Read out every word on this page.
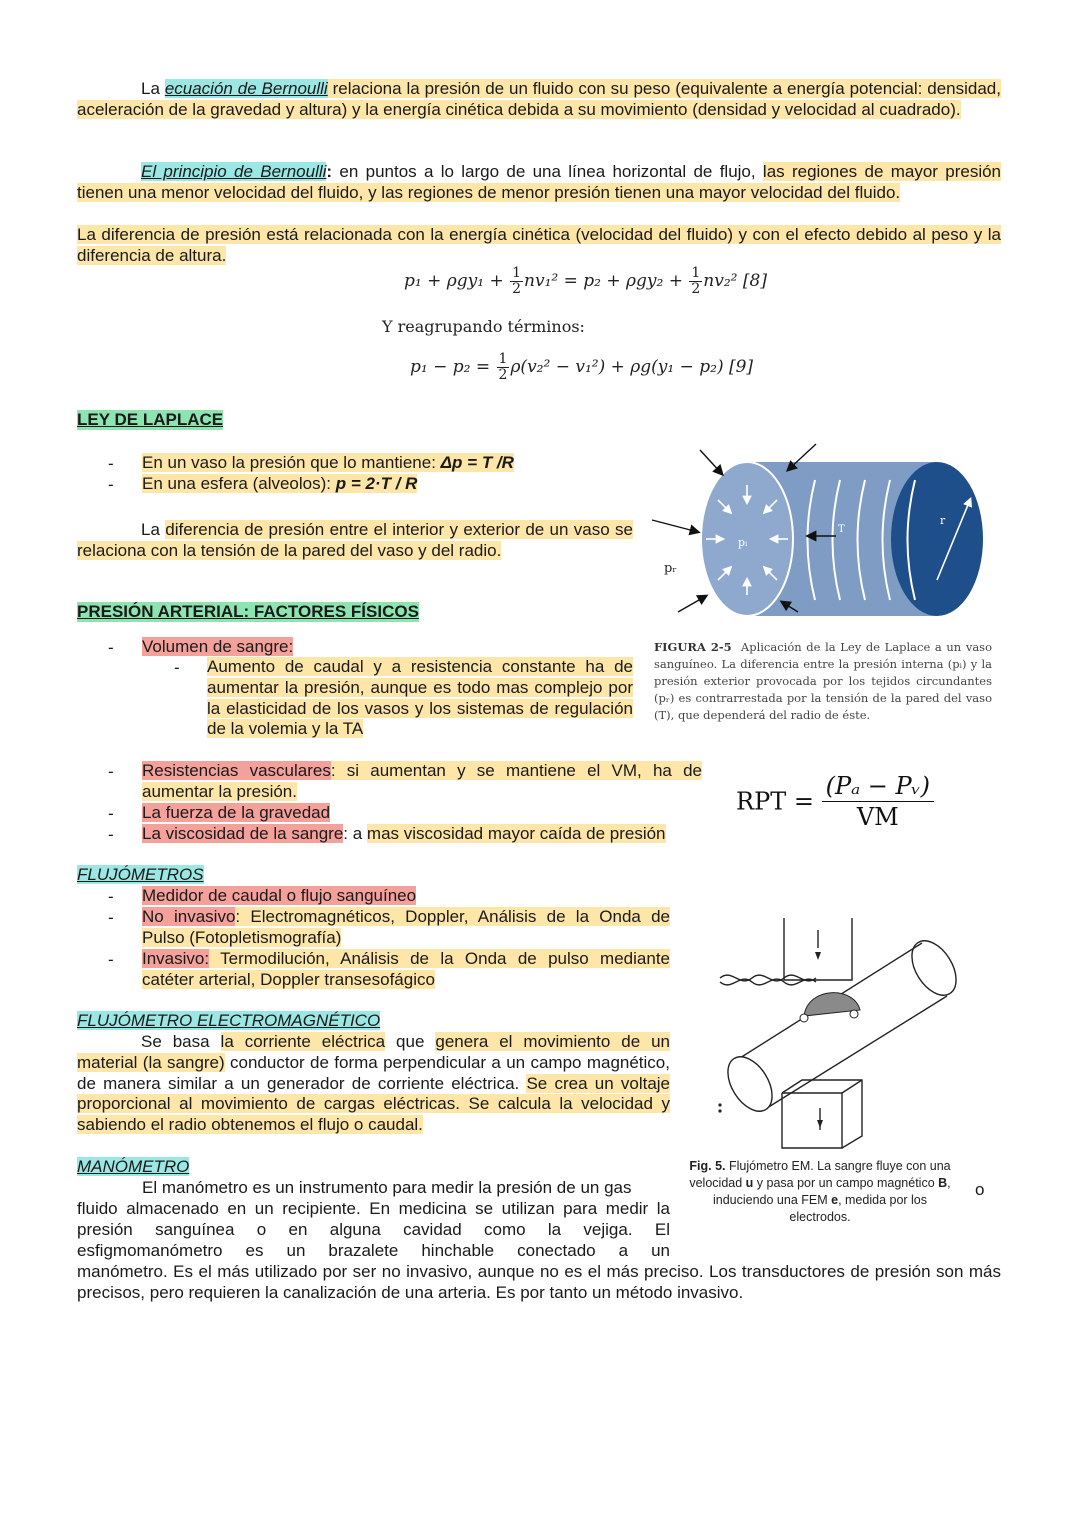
La ecuación de Bernoulli relaciona la presión de un fluido con su peso (equivalente a energía potencial: densidad, aceleración de la gravedad y altura) y la energía cinética debida a su movimiento (densidad y velocidad al cuadrado).
El principio de Bernoulli: en puntos a lo largo de una línea horizontal de flujo, las regiones de mayor presión tienen una menor velocidad del fluido, y las regiones de menor presión tienen una mayor velocidad del fluido.
La diferencia de presión está relacionada con la energía cinética (velocidad del fluido) y con el efecto debido al peso y la diferencia de altura.
$p_1 + \rho gy_1 + \frac{1}{2} nv_1^2 = p_2 + \rho gy_2 + \frac{1}{2} nv_2^2$ [8]
Y reagrupando términos:
$p_1 - p_2 = \frac{1}{2} \rho(v_2^2 - v_1^2) + \rho g(y_1 - p_2)$ [9]
LEY DE LAPLACE
- En un vaso la presión que lo mantiene: Δp = T /R
- En una esfera (alveolos): p = 2·T / R
La diferencia de presión entre el interior y exterior de un vaso se relaciona con la tensión de la pared del vaso y del radio.	pᵢ
pᵣ
T
r
FIGURA 2-5 Aplicación de la Ley de Laplace a un vaso sanguíneo. La diferencia entre la presión interna (pᵢ) y la presión exterior provocada por los tejidos circundantes (pᵣ) es contrarrestada por la tensión de la pared del vaso (T), que dependerá del radio de éste.
PRESIÓN ARTERIAL: FACTORES FÍSICOS
- Volumen de sangre:
- Aumento de caudal y a resistencia constante ha de aumentar la presión, aunque es todo mas complejo por la elasticidad de los vasos y los sistemas de regulación de la volemia y la TA
- Resistencias vasculares: si aumentan y se mantiene el VM, ha de aumentar la presión.
- La fuerza de la gravedad
- La viscosidad de la sangre: a mas viscosidad mayor caída de presión
RPT = $\frac{\text{(Pₐ − Pᵥ)}}{VM}$
FLUJÓMETROS
- Medidor de caudal o flujo sanguíneo
- No invasivo: Electromagnéticos, Doppler, Análisis de la Onda de Pulso (Fotopletismografía)
- Invasivo: Termodilución, Análisis de la Onda de pulso mediante catéter arterial, Doppler transesofágico
FLUJÓMETRO ELECTROMAGNÉTICO
Se basa la corriente eléctrica que genera el movimiento de un material (la sangre) conductor de forma perpendicular a un campo magnético, de manera similar a un generador de corriente eléctrica. Se crea un voltaje proporcional al movimiento de cargas eléctricas. Se calcula la velocidad y sabiendo el radio obtenemos el flujo o caudal.
Fig. 5. Flujómetro EM. La sangre fluye con una velocidad u y pasa por un campo magnético B, induciendo una FEM e, medida por los electrodos.
MANÓMETRO
El manómetro es un instrumento para medir la presión de un gas	o
fluido almacenado en un recipiente. En medicina se utilizan para medir la
presión sanguínea o en alguna cavidad como la vejiga. El
esfigmomanómetro es un brazalete hinchable conectado a un
manómetro. Es el más utilizado por ser no invasivo, aunque no es el más preciso. Los transductores de presión son más precisos, pero requieren la canalización de una arteria. Es por tanto un método invasivo.
